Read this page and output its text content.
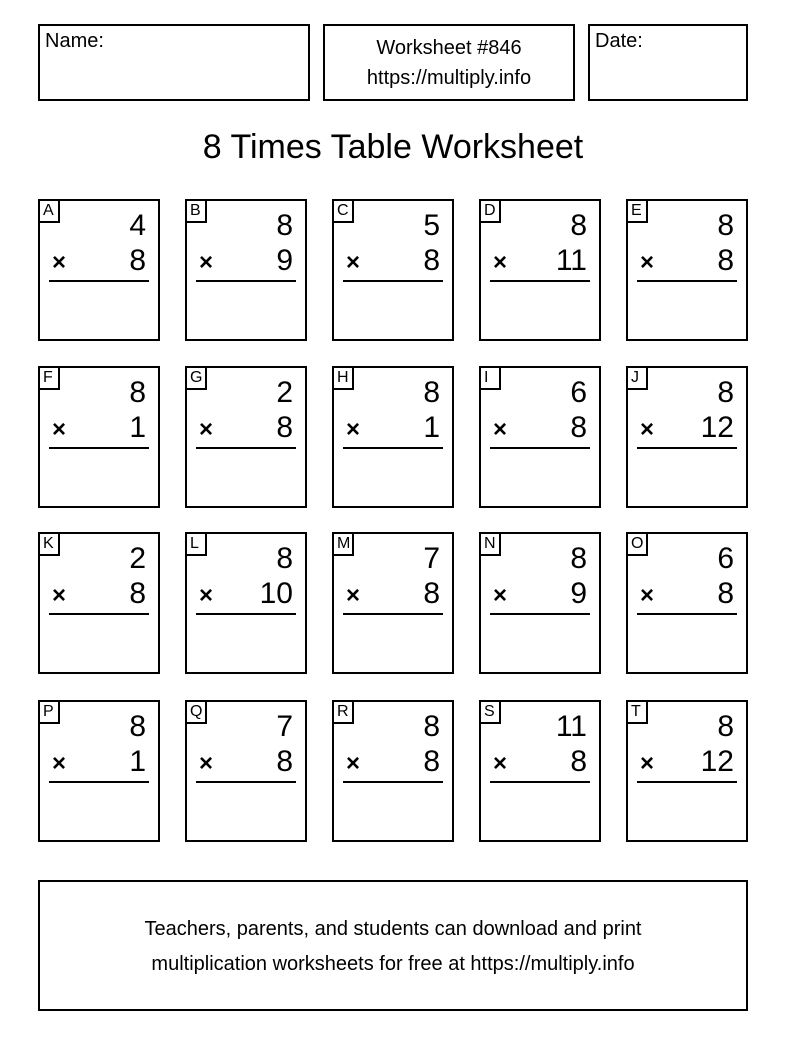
Name:	Worksheet #846
https://multiply.info
Date:
8 Times Table Worksheet
A	4
× 8
B	8
× 9
C 5
× 8
D 8
× 11
E	8
× 8
F	8
× 1
G 2
× 8
H 8
× 1
I	6
× 8
J	8
× 12
K	2
× 8
L	8
× 10
M 7
× 8
N 8
× 9
O 6
× 8
P	8
× 1
Q 7
× 8
R 8
× 8
S 11
× 8
T	8
× 12
Teachers, parents, and students can download and print
multiplication worksheets for free at https://multiply.info
